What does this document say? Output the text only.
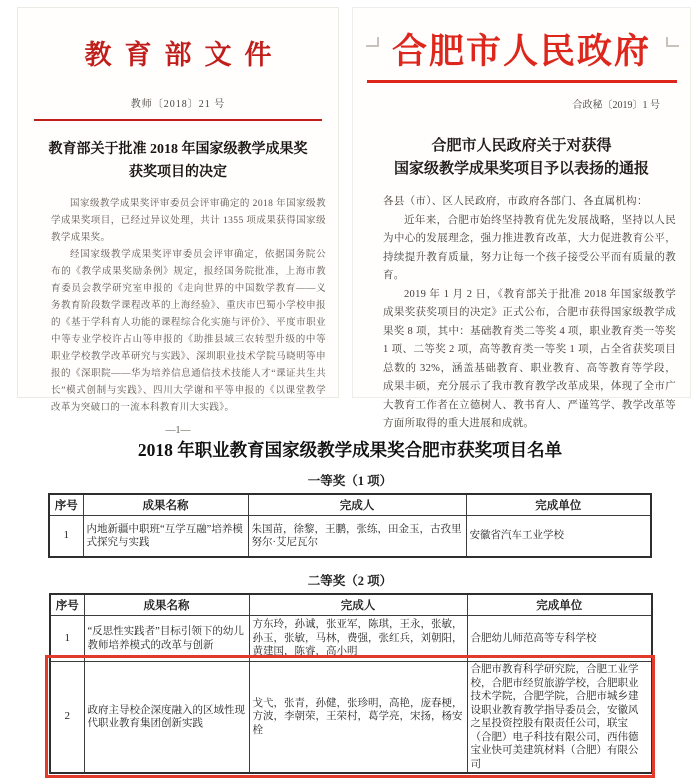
教育部文件
教师〔2018〕21 号
教育部关于批准 2018 年国家级教学成果奖
获奖项目的决定

国家级教学成果奖评审委员会评审确定的 2018 年国家级教学成果奖项目，已经过异议处理，共计 1355 项成果获得国家级教学成果奖。

经国家级教学成果奖评审委员会评审确定，依据国务院公布的《教学成果奖励条例》规定，报经国务院批准，上海市教育委员会教学研究室申报的《走向世界的中国数学教育——义务教育阶段数学课程改革的上海经验》、重庆市巴蜀小学校申报的《基于学科育人功能的课程综合化实施与评价》、平度市职业中等专业学校许占山等申报的《助推县域三农转型升级的中等职业学校教学改革研究与实践》、深圳职业技术学院马晓明等申报的《深职院——华为培养信息通信技术技能人才“课证共生共长”模式创制与实践》、四川大学谢和平等申报的《以课堂教学改革为突破口的一流本科教育川大实践》。

—1—
合肥市人民政府
合政秘〔2019〕1 号
合肥市人民政府关于对获得
国家级教学成果奖项目予以表扬的通报

各县（市）、区人民政府，市政府各部门、各直属机构：

近年来，合肥市始终坚持教育优先发展战略，坚持以人民为中心的发展理念，强力推进教育改革，大力促进教育公平，持续提升教育质量，努力让每一个孩子接受公平而有质量的教育。

2019 年 1 月 2 日，《教育部关于批准 2018 年国家级教学成果奖获奖项目的决定》正式公布，合肥市获得国家级教学成果奖 8 项，其中：基础教育类二等奖 4 项，职业教育类一等奖 1 项、二等奖 2 项，高等教育类一等奖 1 项，占全省获奖项目总数的 32%，涵盖基础教育、职业教育、高等教育等学段，成果丰硕，充分展示了我市教育教学改革成果，体现了全市广大教育工作者在立德树人、教书育人、严谨笃学、教学改革等方面所取得的重大进展和成就。

2018 年职业教育国家级教学成果奖合肥市获奖项目名单
一等奖（1 项）
序号	成果名称	完成人	完成单位
1	内地新疆中职班“互学互融”培养模式探究与实践	朱国苗，徐黎，王鹏，张练，田金玉，古孜里努尔·艾尼瓦尔	安徽省汽车工业学校
二等奖（2 项）
序号	成果名称	完成人	完成单位
1	“反思性实践者”目标引领下的幼儿教师培养模式的改革与创新	方东玲，孙诚，张亚军，陈琪，王永，张敏，孙玉，张敏，马林，费强，张红兵，刘朝阳，黄建国，陈睿，高小明	合肥幼儿师范高等专科学校
2	政府主导校企深度融入的区域性现代职业教育集团创新实践	戈弋，张青，孙健，张珍明，高艳，庞春梗，方波，李朝荣，王荣村，葛学亮，宋扬，杨安栓	合肥市教育科学研究院，合肥工业学校，合肥市经贸旅游学校，合肥职业技术学院，合肥学院，合肥市城乡建设职业教育教学指导委员会，安徽风之星投资控股有限责任公司，联宝（合肥）电子科技有限公司，西伟德宝业快可美建筑材料（合肥）有限公司
